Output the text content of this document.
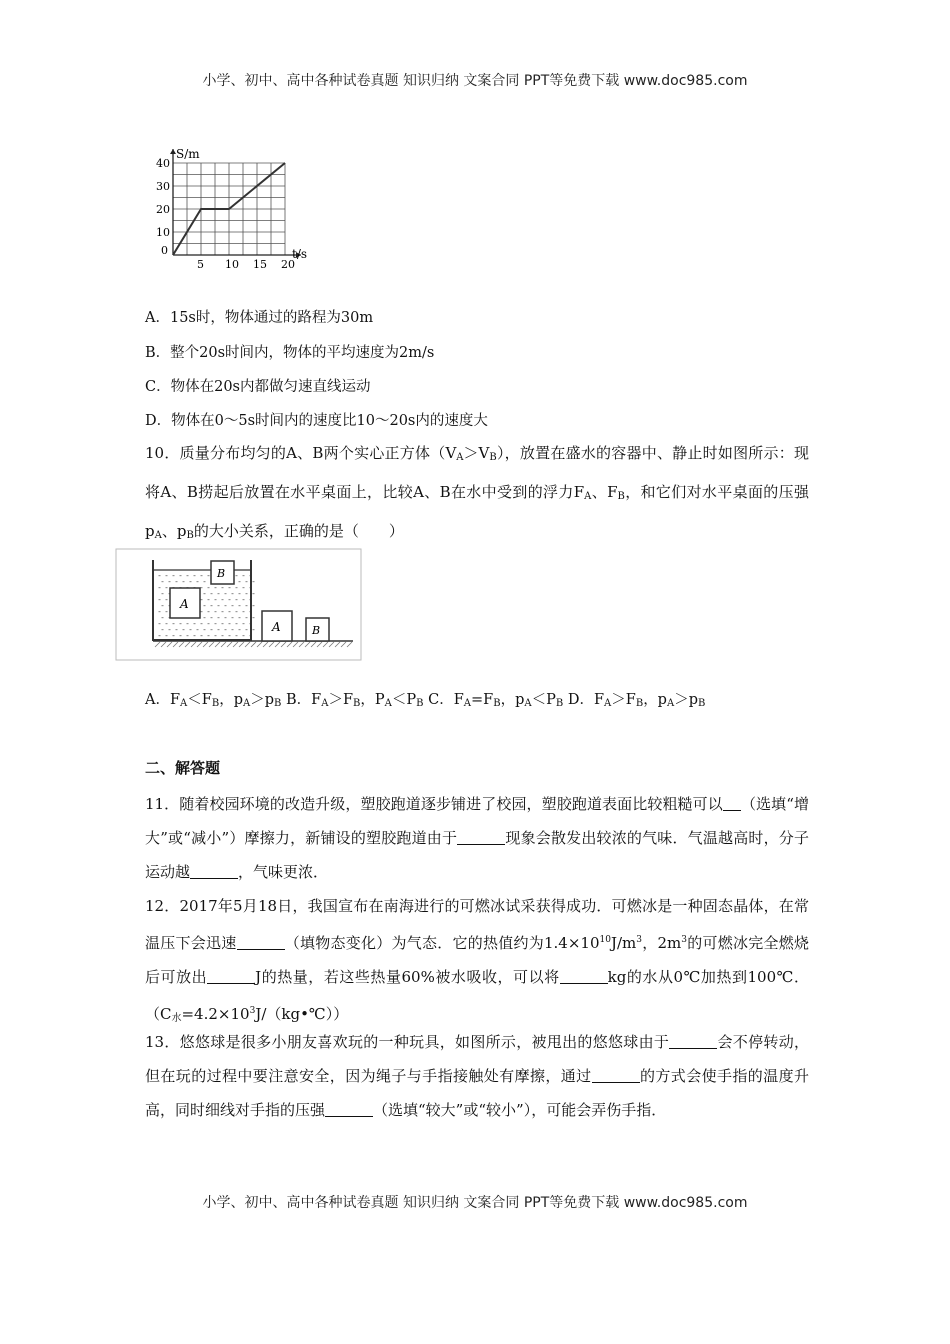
小学、初中、高中各种试卷真题 知识归纳 文案合同 PPT等免费下载 www.doc985.com
0
5 10 15 20
10
20
30
40
S/m
t/s
A．15s时，物体通过的路程为30m
B．整个20s时间内，物体的平均速度为2m/s
C．物体在20s内都做匀速直线运动
D．物体在0～5s时间内的速度比10～20s内的速度大
10．质量分布均匀的A、B两个实心正方体$(V_A>V_B)$，放置在盛水的容器中、静止时如图所示：现将A、B捞起后放置在水平桌面上，比较A、B在水中受到的浮力$F_A$、$F_B$，和它们对水平桌面的压强$p_A$、$p_B$的大小关系，正确的是（　　）
A
B
A	B
A．$F_A<F_B$，$p_A>p_B$ B．$F_A>F_B$，$P_A<P_B$ C．$F_A=F_B$，$p_A<P_B$ D．$F_A>F_B$，$p_A>p_B$
二、解答题
11．随着校园环境的改造升级，塑胶跑道逐步铺进了校园，塑胶跑道表面比较粗糙可以 （选填“增大”或“减小”）摩擦力，新铺设的塑胶跑道由于	现象会散发出较浓的气味．气温越高时，分子运动越	，气味更浓．
12．2017年5月18日，我国宣布在南海进行的可燃冰试采获得成功．可燃冰是一种固态晶体，在常温压下会迅速	（填物态变化）为气态．它的热值约为$1.4\times 10^{10}J/m^3$，$2m^3$的可燃冰完全燃烧后可放出	J的热量，若这些热量60%被水吸收，可以将	kg的水从0℃加热到100℃．$(C_水=4.2\times 10^3J/(kg•℃))$
13．悠悠球是很多小朋友喜欢玩的一种玩具，如图所示，被甩出的悠悠球由于	会不停转动，但在玩的过程中要注意安全，因为绳子与手指接触处有摩擦，通过	的方式会使手指的温度升高，同时细线对手指的压强	（选填“较大”或“较小”），可能会弄伤手指．
小学、初中、高中各种试卷真题 知识归纳 文案合同 PPT等免费下载 www.doc985.com
